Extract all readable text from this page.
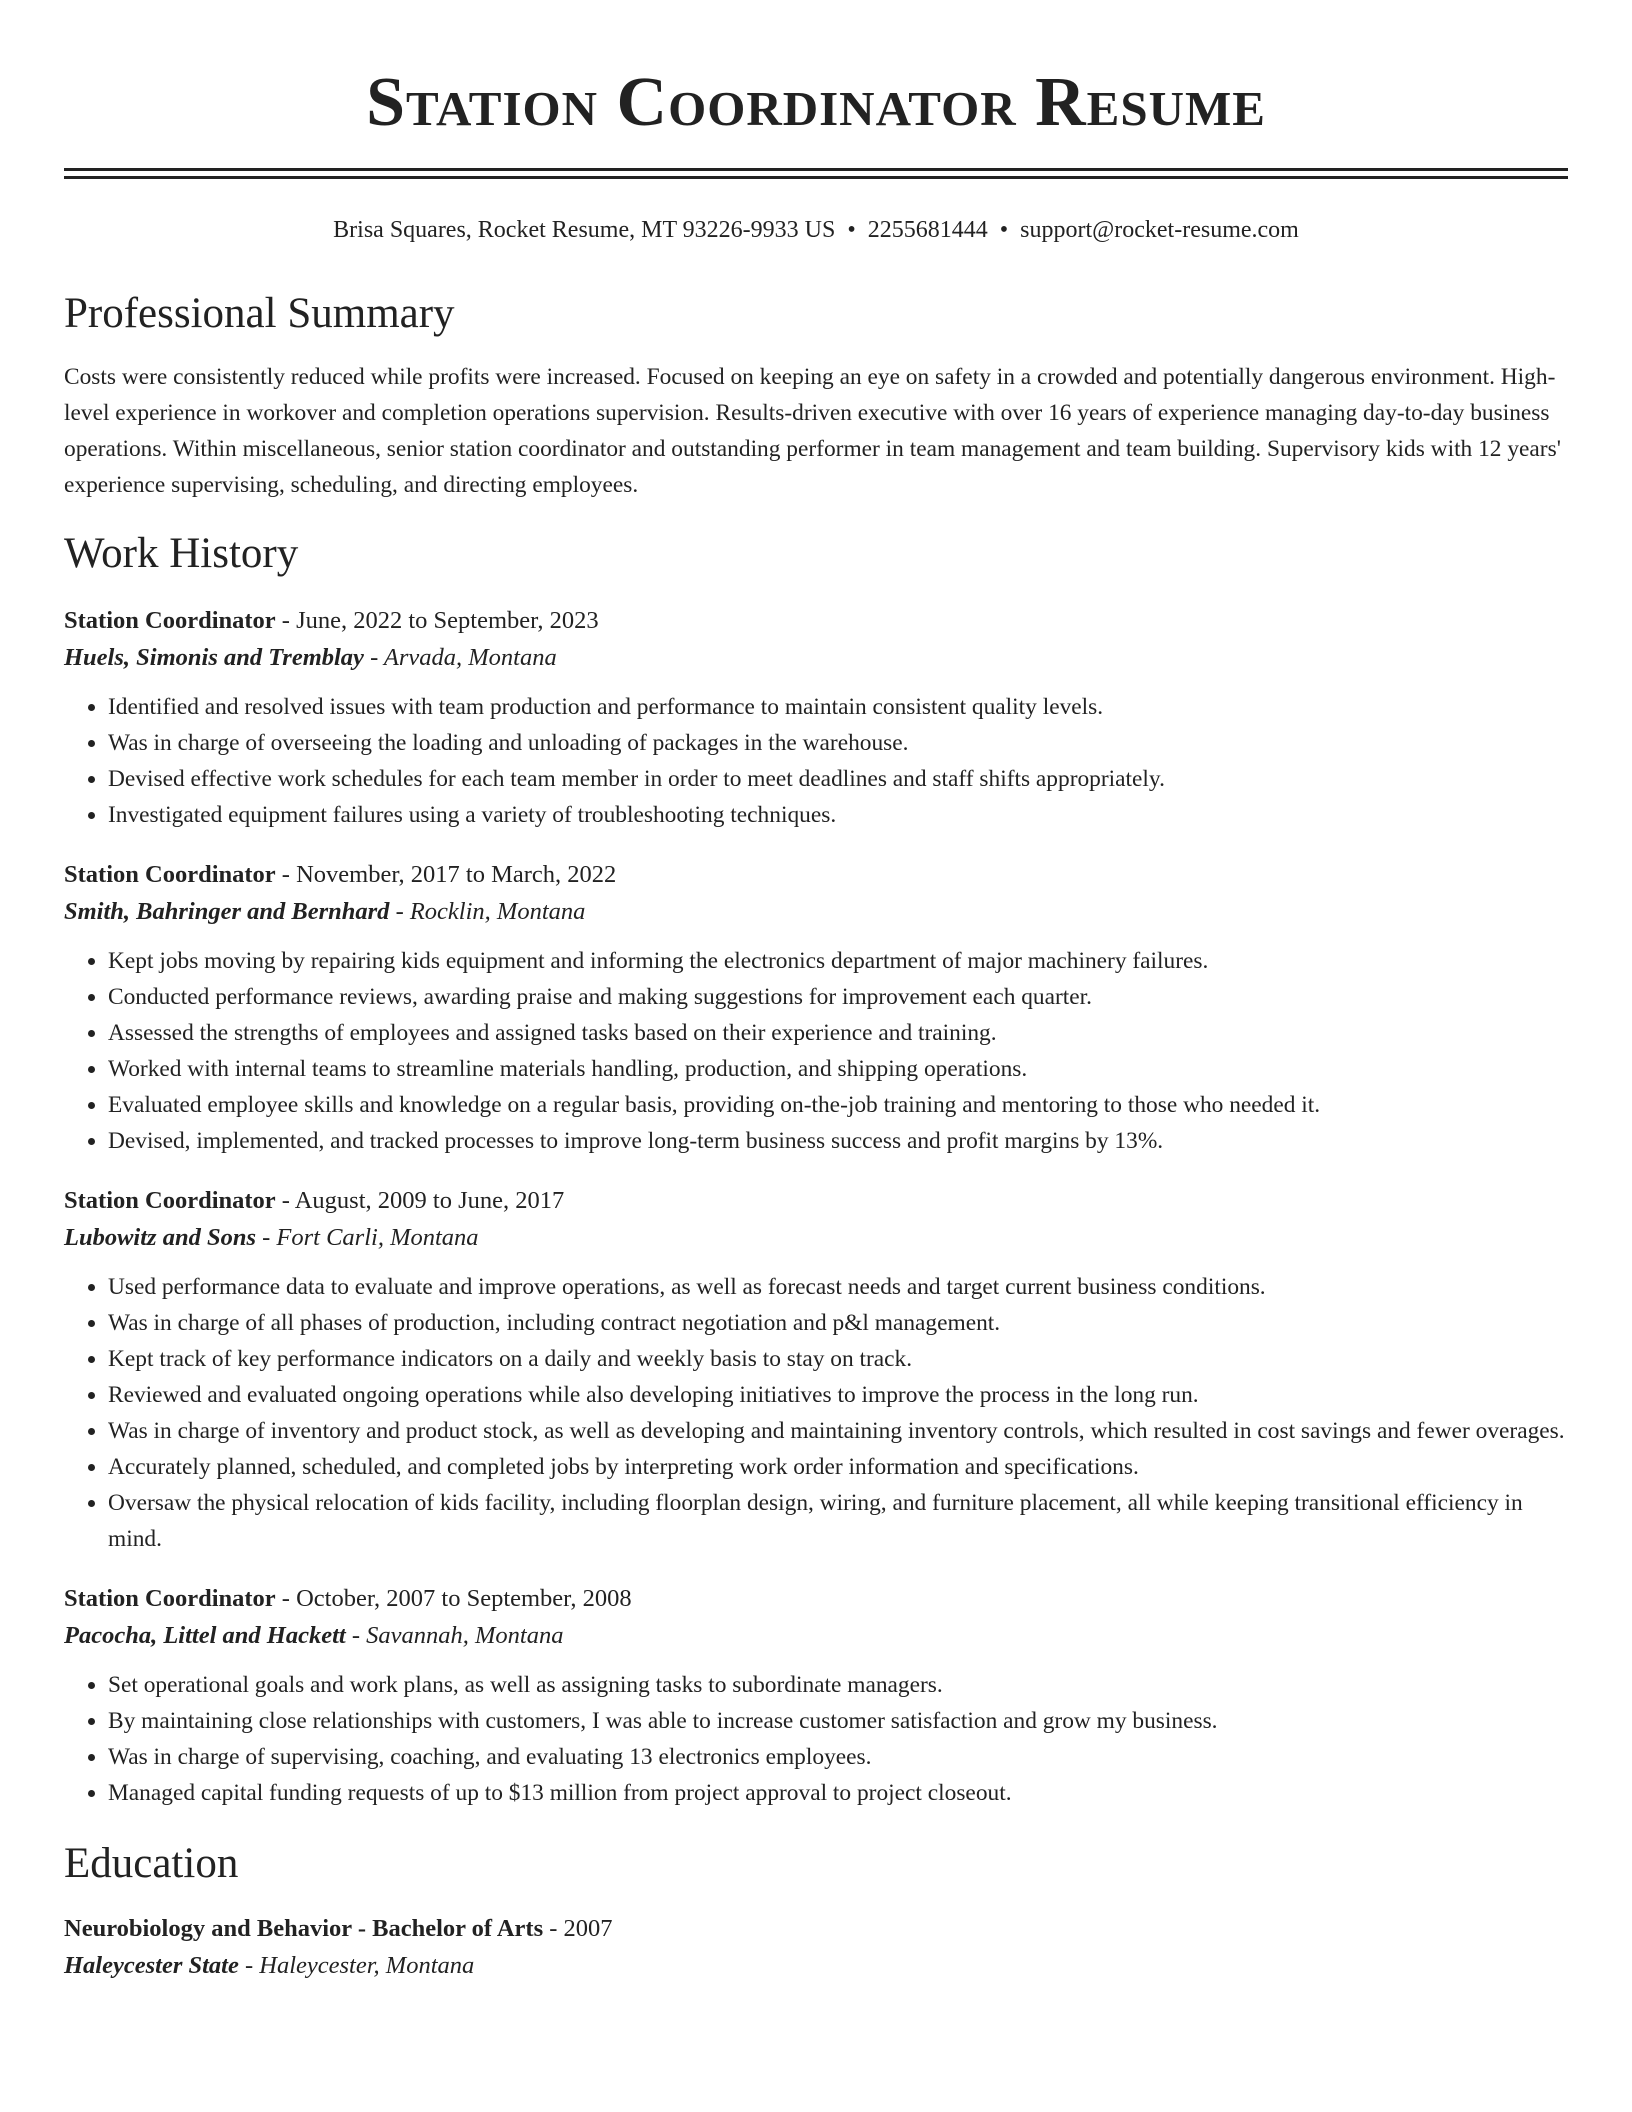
Station Coordinator Resume
Brisa Squares, Rocket Resume, MT 93226-9933 US • 2255681444 • support@rocket-resume.com
Professional Summary

Costs were consistently reduced while profits were increased. Focused on keeping an eye on safety in a crowded and potentially dangerous environment. High-level experience in workover and completion operations supervision. Results-driven executive with over 16 years of experience managing day-to-day business operations. Within miscellaneous, senior station coordinator and outstanding performer in team management and team building. Supervisory kids with 12 years' experience supervising, scheduling, and directing employees.

Work History
Station Coordinator - June, 2022 to September, 2023
Huels, Simonis and Tremblay - Arvada, Montana
• Identified and resolved issues with team production and performance to maintain consistent quality levels.
• Was in charge of overseeing the loading and unloading of packages in the warehouse.
• Devised effective work schedules for each team member in order to meet deadlines and staff shifts appropriately.
• Investigated equipment failures using a variety of troubleshooting techniques.
Station Coordinator - November, 2017 to March, 2022
Smith, Bahringer and Bernhard - Rocklin, Montana
• Kept jobs moving by repairing kids equipment and informing the electronics department of major machinery failures.
• Conducted performance reviews, awarding praise and making suggestions for improvement each quarter.
• Assessed the strengths of employees and assigned tasks based on their experience and training.
• Worked with internal teams to streamline materials handling, production, and shipping operations.
• Evaluated employee skills and knowledge on a regular basis, providing on-the-job training and mentoring to those who needed it.
• Devised, implemented, and tracked processes to improve long-term business success and profit margins by 13%.
Station Coordinator - August, 2009 to June, 2017
Lubowitz and Sons - Fort Carli, Montana
• Used performance data to evaluate and improve operations, as well as forecast needs and target current business conditions.
• Was in charge of all phases of production, including contract negotiation and p&l management.
• Kept track of key performance indicators on a daily and weekly basis to stay on track.
• Reviewed and evaluated ongoing operations while also developing initiatives to improve the process in the long run.
• Was in charge of inventory and product stock, as well as developing and maintaining inventory controls, which resulted in cost savings and fewer overages.
• Accurately planned, scheduled, and completed jobs by interpreting work order information and specifications.
• Oversaw the physical relocation of kids facility, including floorplan design, wiring, and furniture placement, all while keeping transitional efficiency in mind.
Station Coordinator - October, 2007 to September, 2008
Pacocha, Littel and Hackett - Savannah, Montana
• Set operational goals and work plans, as well as assigning tasks to subordinate managers.
• By maintaining close relationships with customers, I was able to increase customer satisfaction and grow my business.
• Was in charge of supervising, coaching, and evaluating 13 electronics employees.
• Managed capital funding requests of up to $13 million from project approval to project closeout.
Education
Neurobiology and Behavior - Bachelor of Arts - 2007
Haleycester State - Haleycester, Montana
